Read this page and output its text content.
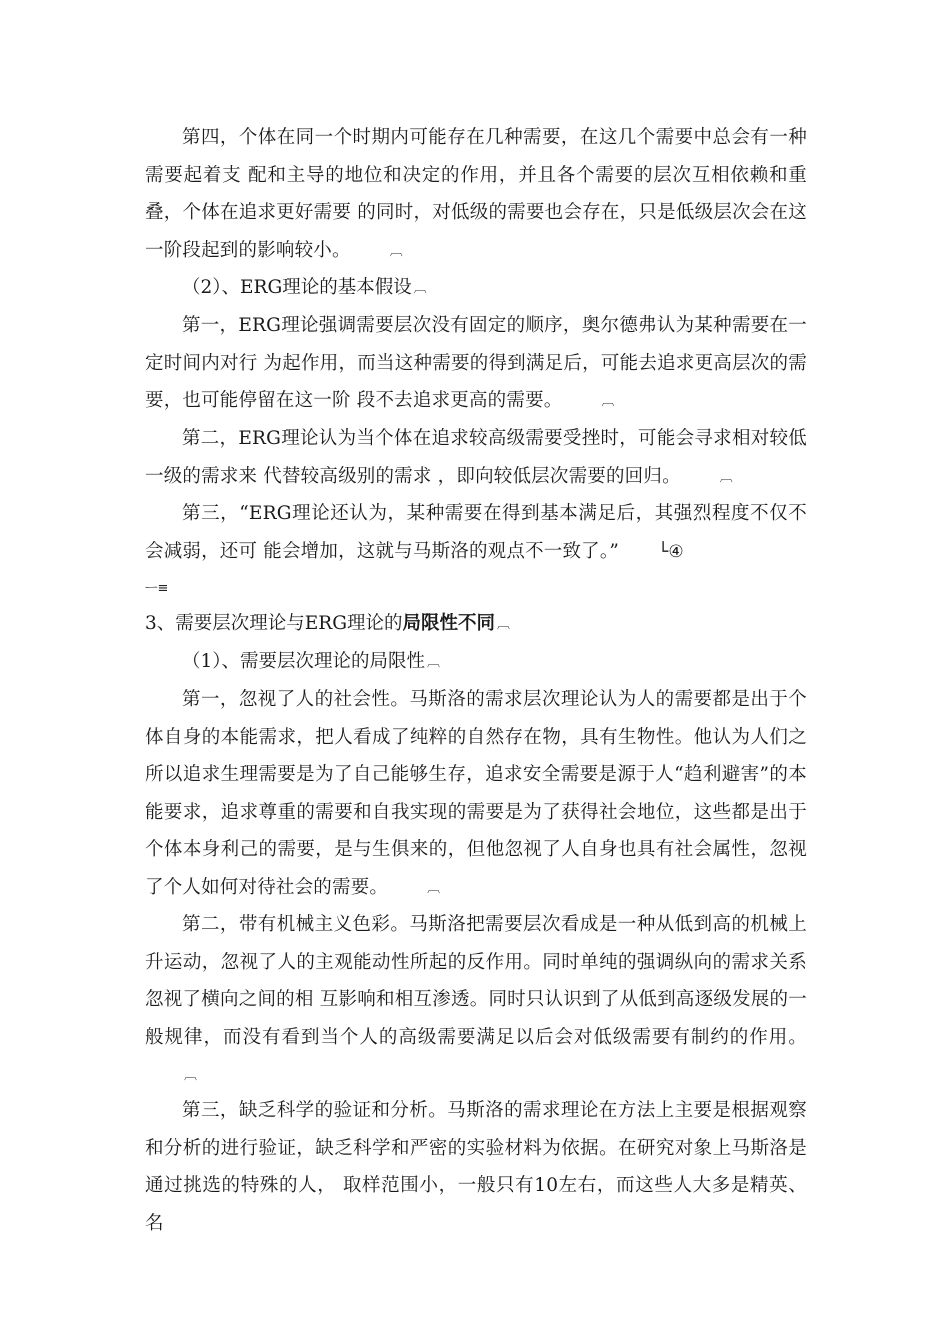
第四，个体在同一个时期内可能存在几种需要，在这几个需要中总会有一种需要起着支 配和主导的地位和决定的作用，并且各个需要的层次互相依赖和重叠，个体在追求更好需要 的同时，对低级的需要也会存在，只是低级层次会在这一阶段起到的影响较小。	︹

（2）、ERG理论的基本假设 ︹

第一，ERG理论强调需要层次没有固定的顺序，奥尔德弗认为某种需要在一定时间内对行 为起作用，而当这种需要的得到满足后，可能去追求更高层次的需要，也可能停留在这一阶 段不去追求更高的需要。	︹

第二，ERG理论认为当个体在追求较高级需要受挫时，可能会寻求相对较低一级的需求来 代替较高级别的需求 ，即向较低层次需要的回归。	︹

第三，“ERG理论还认为，某种需要在得到基本满足后，其强烈程度不仅不会减弱，还可 能会增加，这就与马斯洛的观点不一致了。” └④

ᅳ≡

3、需要层次理论与ERG理论的局限性不同 ︹

（1）、需要层次理论的局限性 ︹

第一，忽视了人的社会性。马斯洛的需求层次理论认为人的需要都是出于个体自身的本能需求，把人看成了纯粹的自然存在物，具有生物性。他认为人们之所以追求生理需要是为了自己能够生存，追求安全需要是源于人“趋利避害”的本能要求，追求尊重的需要和自我实现的需要是为了获得社会地位，这些都是出于个体本身利己的需要，是与生俱来的，但他忽视了人自身也具有社会属性，忽视了个人如何对待社会的需要。	︹

第二，带有机械主义色彩。马斯洛把需要层次看成是一种从低到高的机械上升运动，忽视了人的主观能动性所起的反作用。同时单纯的强调纵向的需求关系忽视了横向之间的相 互影响和相互渗透。同时只认识到了从低到高逐级发展的一般规律，而没有看到当个人的高级需要满足以后会对低级需要有制约的作用。︹

第三，缺乏科学的验证和分析。马斯洛的需求理论在方法上主要是根据观察和分析的进行验证，缺乏科学和严密的实验材料为依据。在研究对象上马斯洛是通过挑选的特殊的人， 取样范围小，一般只有10左右，而这些人大多是精英、名
